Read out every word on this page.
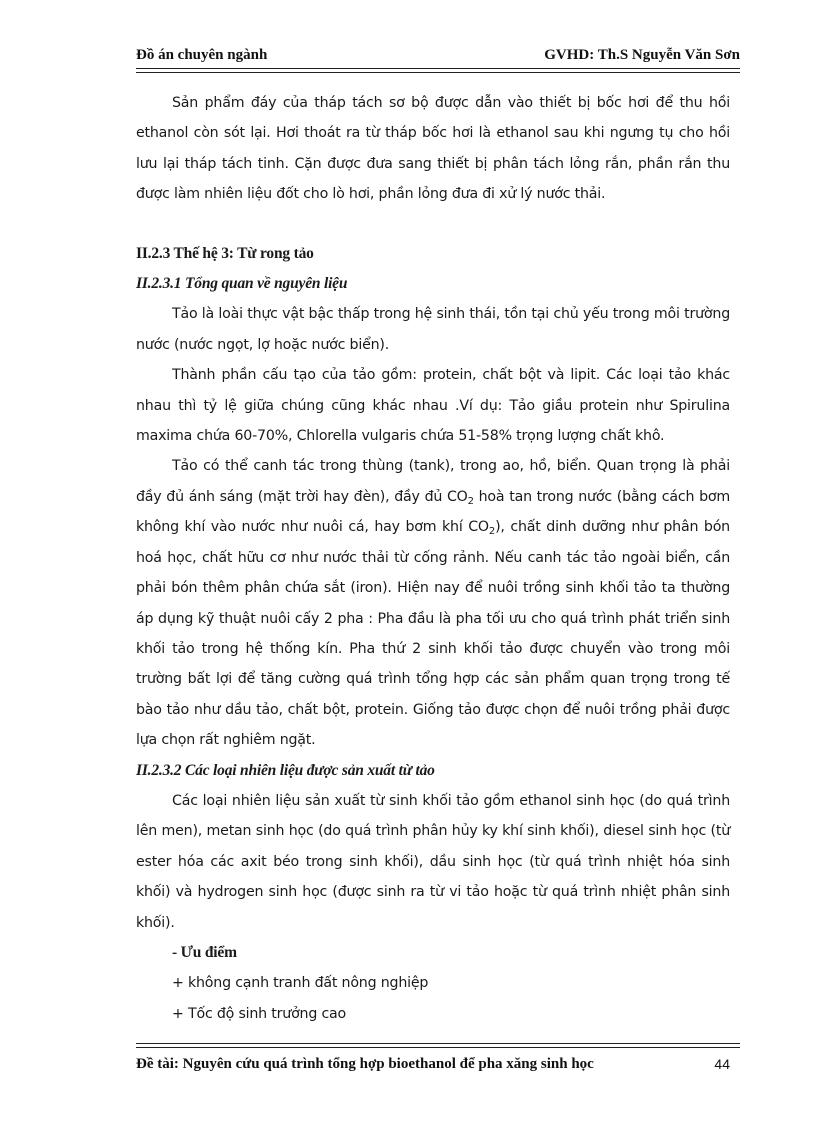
Đồ án chuyên ngành	GVHD: Th.S Nguyễn Văn Sơn

Sản phẩm đáy của tháp tách sơ bộ được dẫn vào thiết bị bốc hơi để thu hồi ethanol còn sót lại. Hơi thoát ra từ tháp bốc hơi là ethanol sau khi ngưng tụ cho hồi lưu lại tháp tách tinh. Cặn được đưa sang thiết bị phân tách lỏng rắn, phần rắn thu được làm nhiên liệu đốt cho lò hơi, phần lỏng đưa đi xử lý nước thải.

II.2.3 Thế hệ 3: Từ rong tảo

II.2.3.1 Tổng quan về nguyên liệu

Tảo là loài thực vật bậc thấp trong hệ sinh thái, tồn tại chủ yếu trong môi trường nước (nước ngọt, lợ hoặc nước biển).

Thành phần cấu tạo của tảo gồm: protein, chất bột và lipit. Các loại tảo khác nhau thì tỷ lệ giữa chúng cũng khác nhau .Ví dụ: Tảo giầu protein như Spirulina maxima chứa 60-70%, Chlorella vulgaris chứa 51-58% trọng lượng chất khô.

Tảo có thể canh tác trong thùng (tank), trong ao, hồ, biển. Quan trọng là phải đầy đủ ánh sáng (mặt trời hay đèn), đầy đủ $CO_2$ hoà tan trong nước (bằng cách bơm không khí vào nước như nuôi cá, hay bơm khí $CO_2$), chất dinh dưỡng như phân bón hoá học, chất hữu cơ như nước thải từ cống rảnh. Nếu canh tác tảo ngoài biển, cần phải bón thêm phân chứa sắt (iron). Hiện nay để nuôi trồng sinh khối tảo ta thường áp dụng kỹ thuật nuôi cấy 2 pha : Pha đầu là pha tối ưu cho quá trình phát triển sinh khối tảo trong hệ thống kín. Pha thứ 2 sinh khối tảo được chuyển vào trong môi trường bất lợi để tăng cường quá trình tổng hợp các sản phẩm quan trọng trong tế bào tảo như dầu tảo, chất bột, protein. Giống tảo được chọn để nuôi trồng phải được lựa chọn rất nghiêm ngặt.

II.2.3.2 Các loại nhiên liệu được sản xuất từ tảo

Các loại nhiên liệu sản xuất từ sinh khối tảo gồm ethanol sinh học (do quá trình lên men), metan sinh học (do quá trình phân hủy ky khí sinh khối), diesel sinh học (từ ester hóa các axit béo trong sinh khối), dầu sinh học (từ quá trình nhiệt hóa sinh khối) và hydrogen sinh học (được sinh ra từ vi tảo hoặc từ quá trình nhiệt phân sinh khối).

- Ưu điểm

+ không cạnh tranh đất nông nghiệp

+ Tốc độ sinh trưởng cao

Đề tài: Nguyên cứu quá trình tổng hợp bioethanol để pha xăng sinh học	44
